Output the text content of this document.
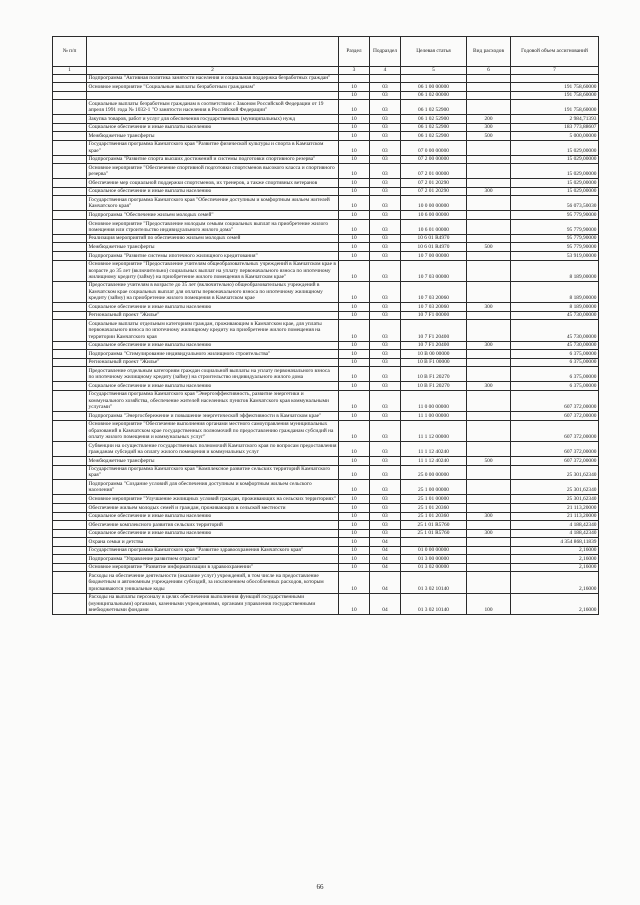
№ п/п		Раздел	Подраздел	Целевая статья	Вид расходов	Годовой объем ассигнований
1	2	3	4	5	6	7
	Подпрограмма "Активная политика занятости населения и социальная поддержка безработных граждан"					
	Основное мероприятие "Социальные выплаты безработным гражданам"	10	03	06 1 00 00000		191 758,60000
		10	03	06 1 02 00000		191 758,60000
	Социальные выплаты безработным гражданам в соответствии с Законом Российской Федерации от 19 апреля 1991 года № 1032-1 "О занятости населения в Российской Федерации"	10	03	06 1 02 52900		191 758,60000
	Закупка товаров, работ и услуг для обеспечения государственных (муниципальных) нужд	10	03	06 1 02 52900	200	2 984,71393
	Социальное обеспечение и иные выплаты населению	10	03	06 1 02 52900	300	183 773,88607
	Межбюджетные трансферты	10	03	06 1 02 52900	500	5 000,00000
	Государственная программа Камчатского края "Развитие физической культуры и спорта в Камчатском крае"	10	03	07 0 00 00000		15 029,00000
	Подпрограмма "Развитие спорта высших достижений и системы подготовки спортивного резерва"	10	03	07 2 00 00000		15 029,00000
	Основное мероприятие "Обеспечение спортивной подготовки спортсменов высокого класса и спортивного резерва"	10	03	07 2 01 00000		15 029,00000
	Обеспечение мер социальной поддержки спортсменов, их тренеров, а также спортивных ветеранов	10	03	07 2 01 20290		15 029,00000
	Социальное обеспечение и иные выплаты населению	10	03	07 2 01 20290	300	15 029,00000
	Государственная программа Камчатского края "Обеспечение доступным и комфортным жильем жителей Камчатского края"	10	03	10 0 00 00000		56 073,50030
	Подпрограмма "Обеспечение жильем молодых семей"	10	03	10 6 00 00000		95 779,90000
	Основное мероприятие "Предоставление молодым семьям социальных выплат на приобретение жилого помещения или строительство индивидуального жилого дома"	10	03	10 6 01 00000		95 779,90000
	Реализация мероприятий по обеспечению жильем молодых семей	10	03	10 6 01 R4970		95 779,90000
	Межбюджетные трансферты	10	03	10 6 01 R4970	500	95 779,90000
	Подпрограмма "Развитие системы ипотечного жилищного кредитования"	10	03	10 7 00 00000		53 919,00000
	Основное мероприятие "Предоставление учителям общеобразовательных учреждений в Камчатском крае в возрасте до 35 лет (включительно) социальных выплат на уплату первоначального взноса по ипотечному жилищному кредиту (займу) на приобретение жилого помещения в Камчатском крае"	10	03	10 7 03 00000		8 189,00000
	Предоставление учителям в возрасте до 35 лет (включительно) общеобразовательных учреждений в Камчатском крае социальных выплат для оплаты первоначального взноса по ипотечному жилищному кредиту (займу) на приобретение жилого помещения в Камчатском крае	10	03	10 7 03 20060		8 189,00000
	Социальное обеспечение и иные выплаты населению	10	03	10 7 03 20060	300	8 189,00000
	Региональный проект "Жилье"	10	03	10 7 F1 00000		45 730,00000
	Социальные выплаты отдельным категориям граждан, проживающим в Камчатском крае, для уплаты первоначального взноса по ипотечному жилищному кредиту на приобретение жилого помещения на территории Камчатского края	10	03	10 7 F1 20400		45 730,00000
	Социальное обеспечение и иные выплаты населению	10	03	10 7 F1 20400	300	45 730,00000
	Подпрограмма "Стимулирование индивидуального жилищного строительства"	10	03	10 B 00 00000		6 375,00000
	Региональный проект "Жилье"	10	03	10 B F1 00000		6 375,00000
	Предоставление отдельным категориям граждан социальной выплаты на уплату первоначального взноса по ипотечному жилищному кредиту (займу) на строительство индивидуального жилого дома	10	03	10 B F1 20270		6 375,00000
	Социальное обеспечение и иные выплаты населению	10	03	10 B F1 20270	300	6 375,00000
	Государственная программа Камчатского края "Энергоэффективность, развитие энергетики и коммунального хозяйства, обеспечение жителей населенных пунктов Камчатского края коммунальными услугами"	10	03	11 0 00 00000		607 372,00000
	Подпрограмма "Энергосбережение и повышение энергетической эффективности в Камчатском крае"	10	03	11 1 00 00000		607 372,00000
	Основное мероприятие "Обеспечение выполнения органами местного самоуправления муниципальных образований в Камчатском крае государственных полномочий по предоставлению гражданам субсидий на оплату жилого помещения и коммунальных услуг"	10	03	11 1 12 00000		607 372,00000
	Субвенции на осуществление государственных полномочий Камчатского края по вопросам предоставления гражданам субсидий на оплату жилого помещения и коммунальных услуг	10	03	11 1 12 40240		607 372,00000
	Межбюджетные трансферты	10	03	11 1 12 40240	500	607 372,00000
	Государственная программа Камчатского края "Комплексное развитие сельских территорий Камчатского края"	10	03	25 0 00 00000		25 301,62340
	Подпрограмма "Создание условий для обеспечения доступным и комфортным жильем сельского населения"	10	03	25 1 00 00000		25 301,62340
	Основное мероприятие "Улучшение жилищных условий граждан, проживающих на сельских территориях"	10	03	25 1 01 00000		25 301,62340
	Обеспечение жильем молодых семей и граждан, проживающих в сельской местности	10	03	25 1 01 20360		21 113,20000
	Социальное обеспечение и иные выплаты населению	10	03	25 1 01 20360	300	21 113,20000
	Обеспечение комплексного развития сельских территорий	10	03	25 1 01 R5760		4 188,42340
	Социальное обеспечение и иные выплаты населению	10	03	25 1 01 R5760	300	4 188,42340
	Охрана семьи и детства	10	04			4 354 868,11839
	Государственная программа Камчатского края "Развитие здравоохранения Камчатского края"	10	04	01 0 00 00000		2,16000
	Подпрограмма "Управление развитием отрасли"	10	04	01 3 00 00000		2,16000
	Основное мероприятие "Развитие информатизации в здравоохранении"	10	04	01 3 02 00000		2,16000
	Расходы на обеспечение деятельности (оказание услуг) учреждений, в том числе на предоставление бюджетным и автономным учреждениям субсидий, за исключением обособленных расходов, которым присваиваются уникальные коды	10	04	01 3 02 10140		2,16000
	Расходы на выплаты персоналу в целях обеспечения выполнения функций государственными (муниципальными) органами, казенными учреждениями, органами управления государственными внебюджетными фондами	10	04	01 3 02 10140	100	2,16000
66
